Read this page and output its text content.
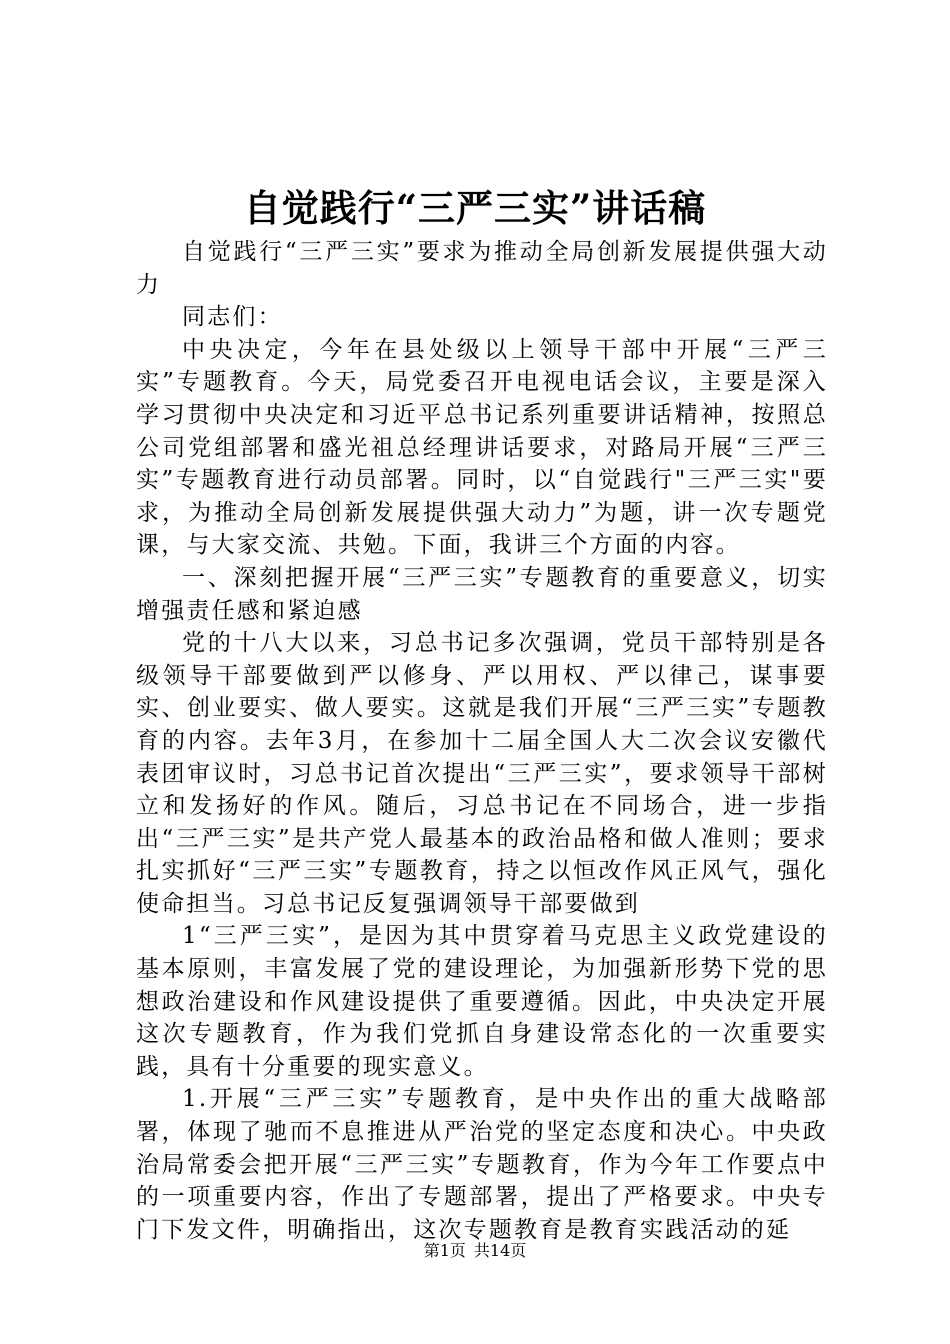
自觉践行“三严三实”讲话稿

自觉践行“三严三实”要求为推动全局创新发展提供强大动力

同志们：

中央决定，今年在县处级以上领导干部中开展“三严三实”专题教育。今天，局党委召开电视电话会议，主要是深入学习贯彻中央决定和习近平总书记系列重要讲话精神，按照总公司党组部署和盛光祖总经理讲话要求，对路局开展“三严三实”专题教育进行动员部署。同时，以“自觉践行"三严三实"要求，为推动全局创新发展提供强大动力”为题，讲一次专题党课，与大家交流、共勉。下面，我讲三个方面的内容。

一、深刻把握开展“三严三实”专题教育的重要意义，切实增强责任感和紧迫感

党的十八大以来，习总书记多次强调，党员干部特别是各级领导干部要做到严以修身、严以用权、严以律己，谋事要实、创业要实、做人要实。这就是我们开展“三严三实”专题教育的内容。去年3月，在参加十二届全国人大二次会议安徽代表团审议时，习总书记首次提出“三严三实”，要求领导干部树立和发扬好的作风。随后，习总书记在不同场合，进一步指出“三严三实”是共产党人最基本的政治品格和做人准则；要求扎实抓好“三严三实”专题教育，持之以恒改作风正风气，强化使命担当。习总书记反复强调领导干部要做到

1“三严三实”，是因为其中贯穿着马克思主义政党建设的基本原则，丰富发展了党的建设理论，为加强新形势下党的思想政治建设和作风建设提供了重要遵循。因此，中央决定开展这次专题教育，作为我们党抓自身建设常态化的一次重要实践，具有十分重要的现实意义。

1.开展“三严三实”专题教育，是中央作出的重大战略部署，体现了驰而不息推进从严治党的坚定态度和决心。中央政治局常委会把开展“三严三实”专题教育，作为今年工作要点中的一项重要内容，作出了专题部署，提出了严格要求。中央专门下发文件，明确指出，这次专题教育是教育实践活动的延

第1页 共14页
